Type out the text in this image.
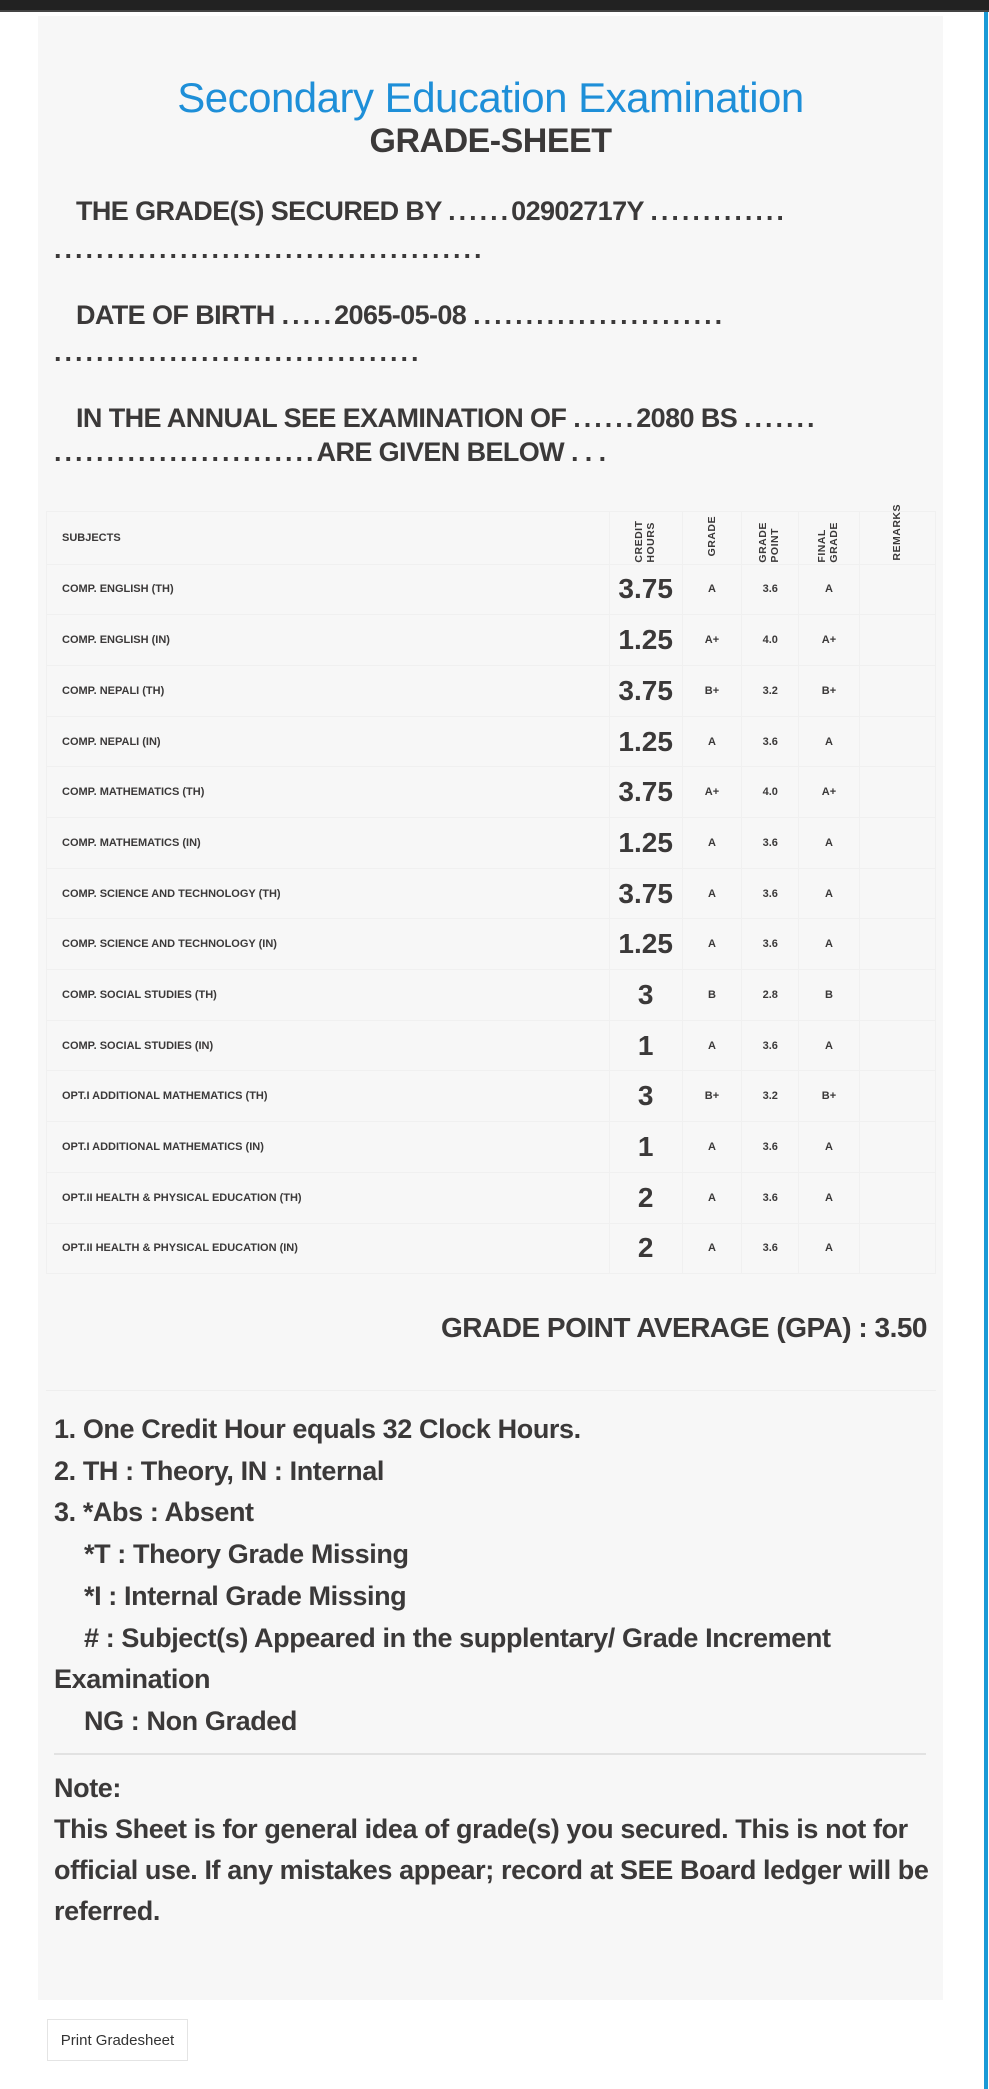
Secondary Education Examination
GRADE-SHEET
THE GRADE(S) SECURED BY ......02902717Y .............
.........................................
DATE OF BIRTH .....2065-05-08 ........................
...................................
IN THE ANNUAL SEE EXAMINATION OF ......2080 BS .......
.........................ARE GIVEN BELOW . . .
SUBJECTS	CREDIT HOURS	GRADE	GRADE POINT	FINAL GRADE	REMARKS
COMP. ENGLISH (TH)	3.75	A	3.6	A	
COMP. ENGLISH (IN)	1.25	A+	4.0	A+	
COMP. NEPALI (TH)	3.75	B+	3.2	B+	
COMP. NEPALI (IN)	1.25	A	3.6	A	
COMP. MATHEMATICS (TH)	3.75	A+	4.0	A+	
COMP. MATHEMATICS (IN)	1.25	A	3.6	A	
COMP. SCIENCE AND TECHNOLOGY (TH)	3.75	A	3.6	A	
COMP. SCIENCE AND TECHNOLOGY (IN)	1.25	A	3.6	A	
COMP. SOCIAL STUDIES (TH)	3	B	2.8	B	
COMP. SOCIAL STUDIES (IN)	1	A	3.6	A	
OPT.I ADDITIONAL MATHEMATICS (TH)	3	B+	3.2	B+	
OPT.I ADDITIONAL MATHEMATICS (IN)	1	A	3.6	A	
OPT.II HEALTH & PHYSICAL EDUCATION (TH)	2	A	3.6	A	
OPT.II HEALTH & PHYSICAL EDUCATION (IN)	2	A	3.6	A	
GRADE POINT AVERAGE (GPA) : 3.50
1. One Credit Hour equals 32 Clock Hours.
2. TH : Theory, IN : Internal
3. *Abs : Absent
*T : Theory Grade Missing
*I : Internal Grade Missing
# : Subject(s) Appeared in the supplentary/ Grade Increment
Examination
NG : Non Graded
Note:
This Sheet is for general idea of grade(s) you secured. This is not for official use. If any mistakes appear; record at SEE Board ledger will be referred.
Print Gradesheet
